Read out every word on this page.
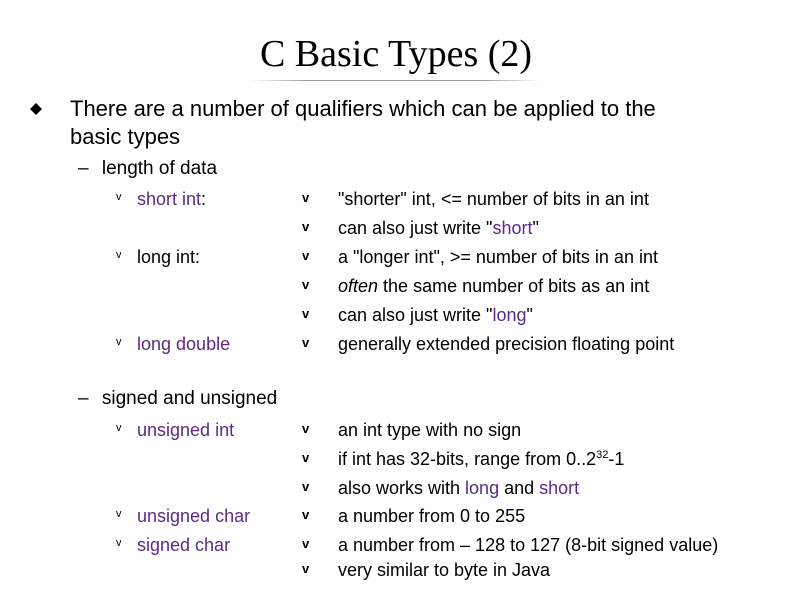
C Basic Types (2)
There are a number of qualifiers which can be applied to the
basic types
– length of data
v short int:
v long int:
v long double
v "shorter" int, <= number of bits in an int
v can also just write "short"
v a "longer int", >= number of bits in an int
v often the same number of bits as an int
v can also just write "long"
v generally extended precision floating point
– signed and unsigned
v unsigned int
v unsigned char
v signed char
v an int type with no sign
v if int has 32-bits, range from 0..2$^{32}$-1
v also works with long and short
v a number from 0 to 255
v a number from – 128 to 127 (8-bit signed value)
v very similar to byte in Java
